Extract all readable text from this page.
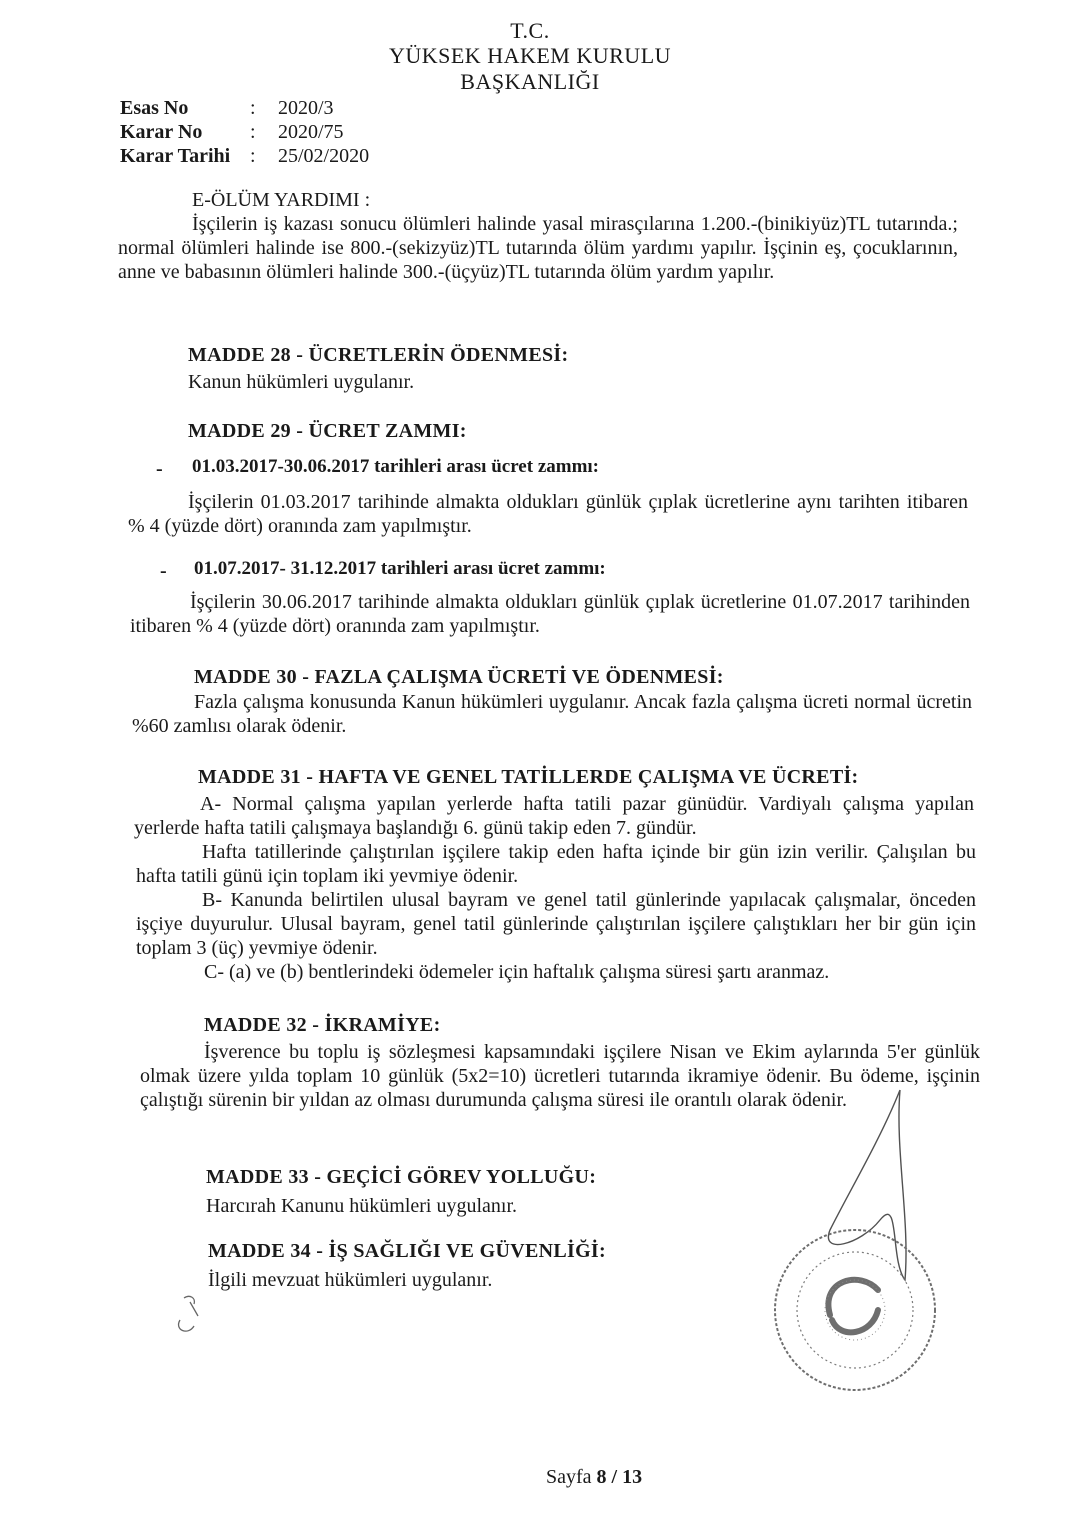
T.C.
YÜKSEK HAKEM KURULU
BAŞKANLIĞI
Esas No	: 2020/3
Karar No : 2020/75
Karar Tarihi : 25/02/2020
E-ÖLÜM YARDIMI :
İşçilerin iş kazası sonucu ölümleri halinde yasal mirasçılarına 1.200.-(binikiyüz)TL tutarında.; normal ölümleri halinde ise 800.-(sekizyüz)TL tutarında ölüm yardımı yapılır. İşçinin eş, çocuklarının, anne ve babasının ölümleri halinde 300.-(üçyüz)TL tutarında ölüm yardım yapılır.
MADDE 28 - ÜCRETLERİN ÖDENMESİ:
Kanun hükümleri uygulanır.
MADDE 29 - ÜCRET ZAMMI:
- 01.03.2017-30.06.2017 tarihleri arası ücret zammı:
İşçilerin 01.03.2017 tarihinde almakta oldukları günlük çıplak ücretlerine aynı tarihten itibaren % 4 (yüzde dört) oranında zam yapılmıştır.
- 01.07.2017- 31.12.2017 tarihleri arası ücret zammı:
İşçilerin 30.06.2017 tarihinde almakta oldukları günlük çıplak ücretlerine 01.07.2017 tarihinden itibaren % 4 (yüzde dört) oranında zam yapılmıştır.
MADDE 30 - FAZLA ÇALIŞMA ÜCRETİ VE ÖDENMESİ:
Fazla çalışma konusunda Kanun hükümleri uygulanır. Ancak fazla çalışma ücreti normal ücretin %60 zamlısı olarak ödenir.
MADDE 31 - HAFTA VE GENEL TATİLLERDE ÇALIŞMA VE ÜCRETİ:
A- Normal çalışma yapılan yerlerde hafta tatili pazar günüdür. Vardiyalı çalışma yapılan yerlerde hafta tatili çalışmaya başlandığı 6. günü takip eden 7. gündür.
Hafta tatillerinde çalıştırılan işçilere takip eden hafta içinde bir gün izin verilir. Çalışılan bu hafta tatili günü için toplam iki yevmiye ödenir.
B- Kanunda belirtilen ulusal bayram ve genel tatil günlerinde yapılacak çalışmalar, önceden işçiye duyurulur. Ulusal bayram, genel tatil günlerinde çalıştırılan işçilere çalıştıkları her bir gün için toplam 3 (üç) yevmiye ödenir.
C- (a) ve (b) bentlerindeki ödemeler için haftalık çalışma süresi şartı aranmaz.
MADDE 32 - İKRAMİYE:
İşverence bu toplu iş sözleşmesi kapsamındaki işçilere Nisan ve Ekim aylarında 5'er günlük olmak üzere yılda toplam 10 günlük (5x2=10) ücretleri tutarında ikramiye ödenir. Bu ödeme, işçinin çalıştığı sürenin bir yıldan az olması durumunda çalışma süresi ile orantılı olarak ödenir.
MADDE 33 - GEÇİCİ GÖREV YOLLUĞU:
Harcırah Kanunu hükümleri uygulanır.
MADDE 34 - İŞ SAĞLIĞI VE GÜVENLİĞİ:
İlgili mevzuat hükümleri uygulanır.
Sayfa 8 / 13
